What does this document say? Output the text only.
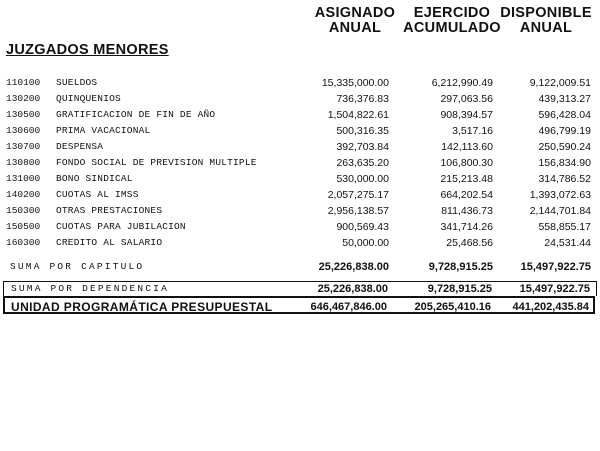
ASIGNADO
ANUAL
EJERCIDO
ACUMULADO
DISPONIBLE
ANUAL
JUZGADOS MENORES
110100 SUELDOS	15,335,000.00	6,212,990.49	9,122,009.51
130200 QUINQUENIOS	736,376.83	297,063.56	439,313.27
130500 GRATIFICACION DE FIN DE AÑO	1,504,822.61	908,394.57	596,428.04
130600 PRIMA VACACIONAL	500,316.35	3,517.16	496,799.19
130700 DESPENSA	392,703.84	142,113.60	250,590.24
130800 FONDO SOCIAL DE PREVISION MULTIPLE	263,635.20	106,800.30	156,834.90
131000 BONO SINDICAL	530,000.00	215,213.48	314,786.52
140200 CUOTAS AL IMSS	2,057,275.17	664,202.54	1,393,072.63
150300 OTRAS PRESTACIONES	2,956,138.57	811,436.73	2,144,701.84
150500 CUOTAS PARA JUBILACION	900,569.43	341,714.26	558,855.17
160300 CREDITO AL SALARIO	50,000.00	25,468.56	24,531.44
SUMA POR CAPITULO	25,226,838.00	9,728,915.25	15,497,922.75
SUMA POR DEPENDENCIA	25,226,838.00	9,728,915.25	15,497,922.75
UNIDAD PROGRAMÁTICA PRESUPUESTAL	646,467,846.00	205,265,410.16	441,202,435.84
